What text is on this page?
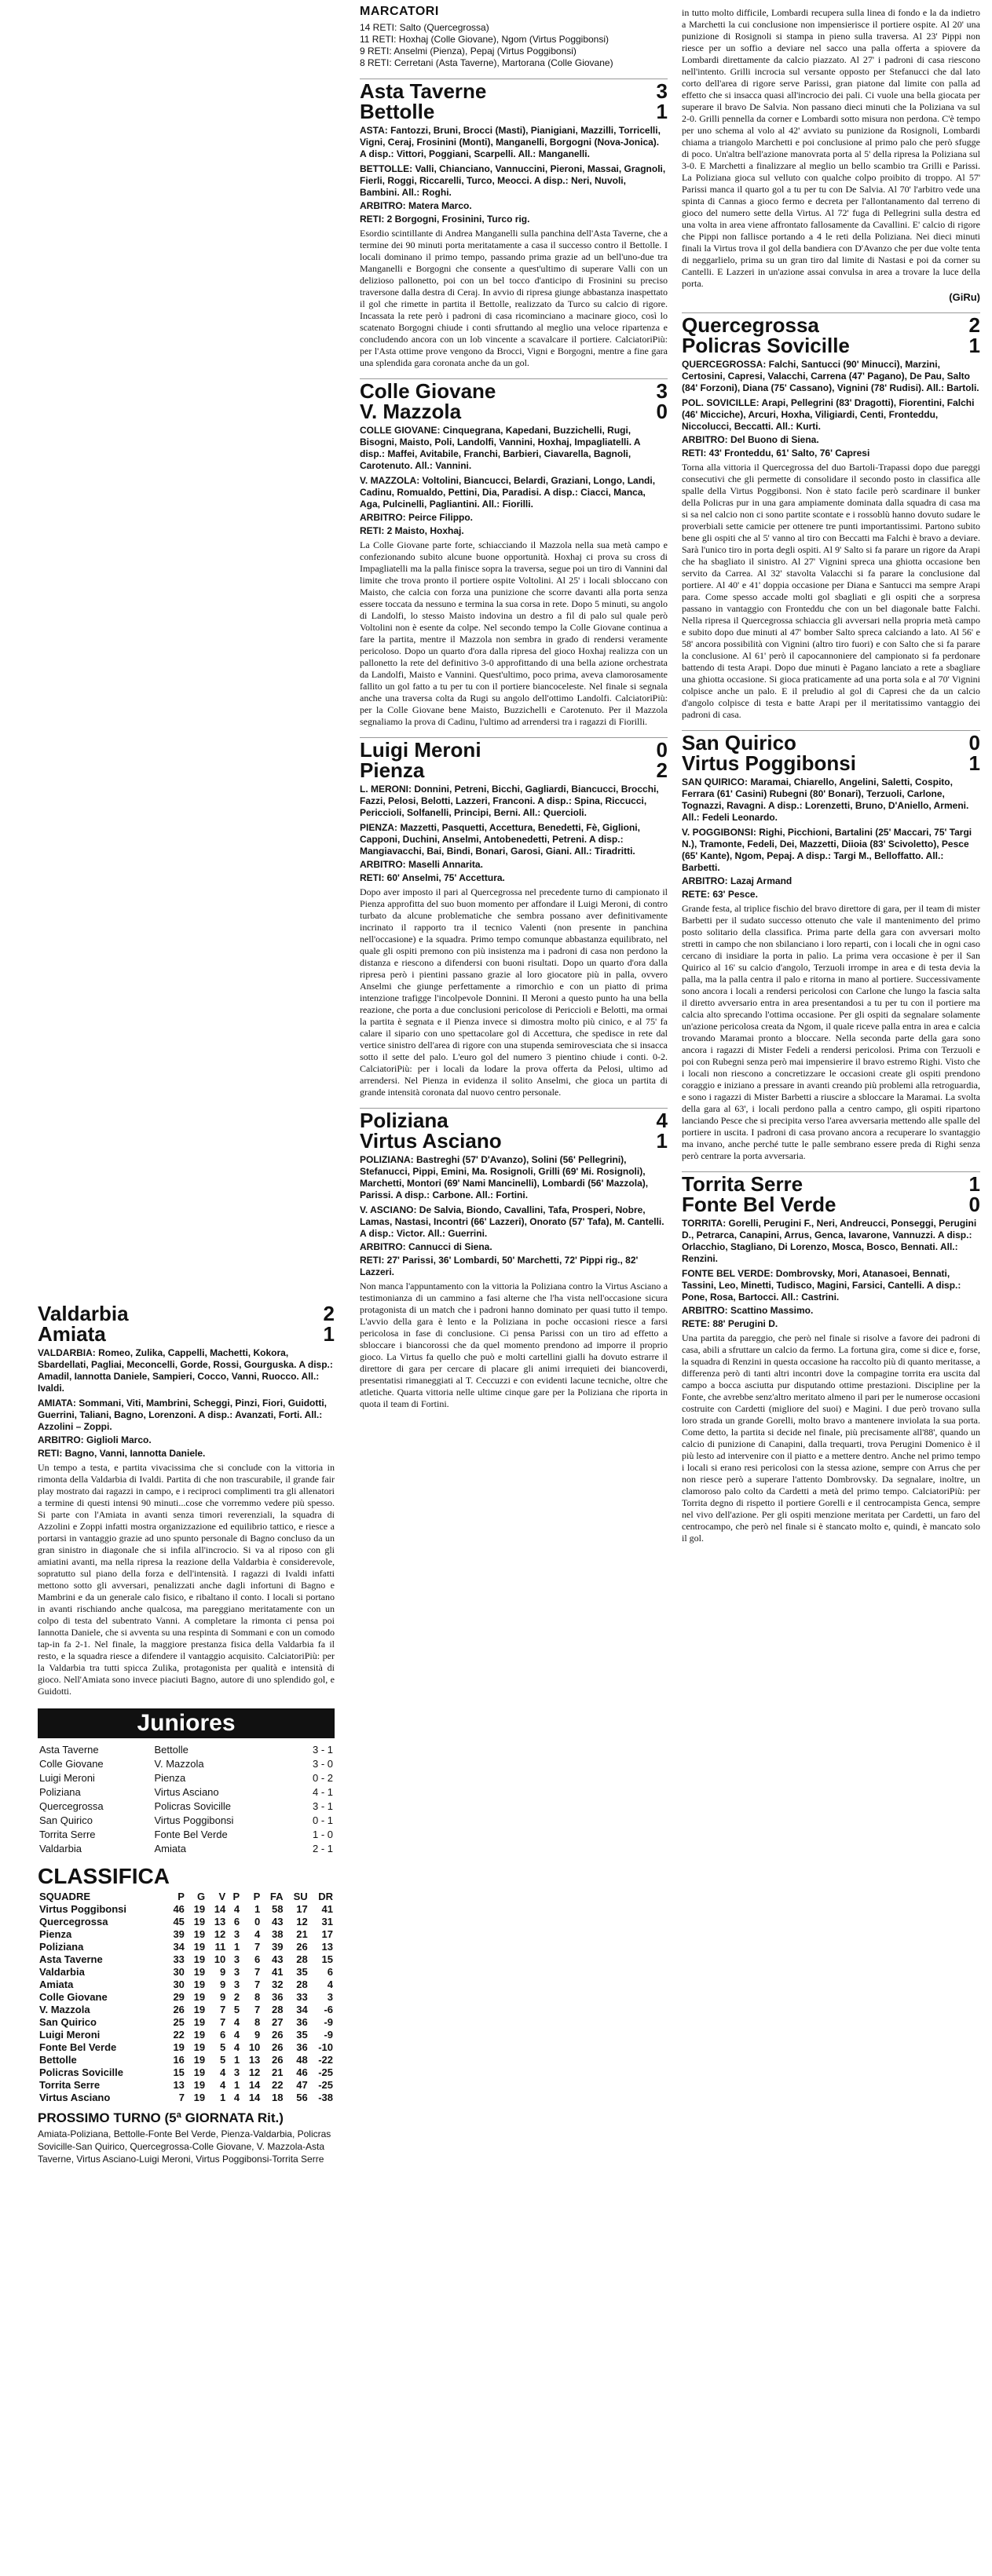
MARCATORI

14 RETI: Salto (Quercegrossa)

11 RETI: Hoxhaj (Colle Giovane), Ngom (Virtus Poggibonsi)

9 RETI: Anselmi (Pienza), Pepaj (Virtus Poggibonsi)

8 RETI: Cerretani (Asta Taverne), Martorana (Colle Giovane)

Asta Taverne	3
Bettolle	1

ASTA: Fantozzi, Bruni, Brocci (Masti), Pianigiani, Mazzilli, Torricelli, Vigni, Ceraj, Frosinini (Monti), Manganelli, Borgogni (Nova-Jonica). A disp.: Vittori, Poggiani, Scarpelli. All.: Manganelli.

BETTOLLE: Valli, Chianciano, Vannuccini, Pieroni, Massai, Gragnoli, Fierli, Roggi, Riccarelli, Turco, Meocci. A disp.: Neri, Nuvoli, Bambini. All.: Roghi.

ARBITRO: Matera Marco.

RETI: 2 Borgogni, Frosinini, Turco rig.

Esordio scintillante di Andrea Manganelli sulla panchina dell'Asta Taverne, che a termine dei 90 minuti porta meritatamente a casa il successo contro il Bettolle. I locali dominano il primo tempo, passando prima grazie ad un bell'uno-due tra Manganelli e Borgogni che consente a quest'ultimo di superare Valli con un delizioso pallonetto, poi con un bel tocco d'anticipo di Frosinini su preciso traversone dalla destra di Ceraj. In avvio di ripresa giunge abbastanza inaspettato il gol che rimette in partita il Bettolle, realizzato da Turco su calcio di rigore. Incassata la rete però i padroni di casa ricominciano a macinare gioco, così lo scatenato Borgogni chiude i conti sfruttando al meglio una veloce ripartenza e concludendo ancora con un lob vincente a scavalcare il portiere. CalciatoriPiù: per l'Asta ottime prove vengono da Brocci, Vigni e Borgogni, mentre a fine gara una splendida gara coronata anche da un gol.

Colle Giovane	3
V. Mazzola	0

COLLE GIOVANE: Cinquegrana, Kapedani, Buzzichelli, Rugi, Bisogni, Maisto, Poli, Landolfi, Vannini, Hoxhaj, Impagliatelli. A disp.: Maffei, Avitabile, Franchi, Barbieri, Ciavarella, Bagnoli, Carotenuto. All.: Vannini.

V. MAZZOLA: Voltolini, Biancucci, Belardi, Graziani, Longo, Landi, Cadinu, Romualdo, Pettini, Dia, Paradisi. A disp.: Ciacci, Manca, Aga, Pulcinelli, Pagliantini. All.: Fiorilli.

ARBITRO: Peirce Filippo.

RETI: 2 Maisto, Hoxhaj.

La Colle Giovane parte forte, schiacciando il Mazzola nella sua metà campo e confezionando subito alcune buone opportunità. Hoxhaj ci prova su cross di Impagliatelli ma la palla finisce sopra la traversa, segue poi un tiro di Vannini dal limite che trova pronto il portiere ospite Voltolini. Al 25' i locali sbloccano con Maisto, che calcia con forza una punizione che scorre davanti alla porta senza essere toccata da nessuno e termina la sua corsa in rete. Dopo 5 minuti, su angolo di Landolfi, lo stesso Maisto indovina un destro a fil di palo sul quale però Voltolini non è esente da colpe. Nel secondo tempo la Colle Giovane continua a fare la partita, mentre il Mazzola non sembra in grado di rendersi veramente pericoloso. Dopo un quarto d'ora dalla ripresa del gioco Hoxhaj realizza con un pallonetto la rete del definitivo 3-0 approfittando di una bella azione orchestrata da Landolfi, Maisto e Vannini. Quest'ultimo, poco prima, aveva clamorosamente fallito un gol fatto a tu per tu con il portiere biancoceleste. Nel finale si segnala anche una traversa colta da Rugi su angolo dell'ottimo Landolfi. CalciatoriPiù: per la Colle Giovane bene Maisto, Buzzichelli e Carotenuto. Per il Mazzola segnaliamo la prova di Cadinu, l'ultimo ad arrendersi tra i ragazzi di Fiorilli.

Luigi Meroni	0
Pienza	2

L. MERONI: Donnini, Petreni, Bicchi, Gagliardi, Biancucci, Brocchi, Fazzi, Pelosi, Belotti, Lazzeri, Franconi. A disp.: Spina, Riccucci, Periccioli, Solfanelli, Principi, Berni. All.: Quercioli.

PIENZA: Mazzetti, Pasquetti, Accettura, Benedetti, Fè, Giglioni, Capponi, Duchini, Anselmi, Antobenedetti, Petreni. A disp.: Mangiavacchi, Bai, Bindi, Bonari, Garosi, Giani. All.: Tiradritti.

ARBITRO: Maselli Annarita.

RETI: 60' Anselmi, 75' Accettura.

Dopo aver imposto il pari al Quercegrossa nel precedente turno di campionato il Pienza approfitta del suo buon momento per affondare il Luigi Meroni, di contro turbato da alcune problematiche che sembra possano aver definitivamente incrinato il rapporto tra il tecnico Valenti (non presente in panchina nell'occasione) e la squadra. Primo tempo comunque abbastanza equilibrato, nel quale gli ospiti premono con più insistenza ma i padroni di casa non perdono la distanza e riescono a difendersi con buoni risultati. Dopo un quarto d'ora dalla ripresa però i pientini passano grazie al loro giocatore più in palla, ovvero Anselmi che giunge perfettamente a rimorchio e con un piatto di prima intenzione trafigge l'incolpevole Donnini. Il Meroni a questo punto ha una bella reazione, che porta a due conclusioni pericolose di Periccioli e Belotti, ma ormai la partita è segnata e il Pienza invece si dimostra molto più cinico, e al 75' fa calare il sipario con uno spettacolare gol di Accettura, che spedisce in rete dal vertice sinistro dell'area di rigore con una stupenda semirovesciata che si insacca sotto il sette del palo. L'euro gol del numero 3 pientino chiude i conti. 0-2. CalciatoriPiù: per i locali da lodare la prova offerta da Pelosi, ultimo ad arrendersi. Nel Pienza in evidenza il solito Anselmi, che gioca un partita di grande intensità coronata dal nuovo centro personale.

Poliziana	4
Virtus Asciano	1

POLIZIANA: Bastreghi (57' D'Avanzo), Solini (56' Pellegrini), Stefanucci, Pippi, Emini, Ma. Rosignoli, Grilli (69' Mi. Rosignoli), Marchetti, Montori (69' Nami Mancinelli), Lombardi (56' Mazzola), Parissi. A disp.: Carbone. All.: Fortini.

V. ASCIANO: De Salvia, Biondo, Cavallini, Tafa, Prosperi, Nobre, Lamas, Nastasi, Incontri (66' Lazzeri), Onorato (57' Tafa), M. Cantelli. A disp.: Victor. All.: Guerrini.

ARBITRO: Cannucci di Siena.

RETI: 27' Parissi, 36' Lombardi, 50' Marchetti, 72' Pippi rig., 82' Lazzeri.

Non manca l'appuntamento con la vittoria la Poliziana contro la Virtus Asciano a testimonianza di un cammino a fasi alterne che l'ha vista nell'occasione sicura protagonista di un match che i padroni hanno dominato per quasi tutto il tempo. L'avvio della gara è lento e la Poliziana in poche occasioni riesce a farsi pericolosa in fase di conclusione. Ci pensa Parissi con un tiro ad effetto a sbloccare i biancorossi che da quel momento prendono ad imporre il proprio gioco. La Virtus fa quello che può e molti cartellini gialli ha dovuto estrarre il direttore di gara per cercare di placare gli animi irrequieti dei biancoverdi, presentatisi rimaneggiati al T. Ceccuzzi e con evidenti lacune tecniche, oltre che atletiche. Quarta vittoria nelle ultime cinque gare per la Poliziana che riporta in quota il team di Fortini.

in tutto molto difficile, Lombardi recupera sulla linea di fondo e la da indietro a Marchetti la cui conclusione non impensierisce il portiere ospite. Al 20' una punizione di Rosignoli si stampa in pieno sulla traversa. Al 23' Pippi non riesce per un soffio a deviare nel sacco una palla offerta a spiovere da Lombardi direttamente da calcio piazzato. Al 27' i padroni di casa riescono nell'intento. Grilli incrocia sul versante opposto per Stefanucci che dal lato corto dell'area di rigore serve Parissi, gran piatone dal limite con palla ad effetto che si insacca quasi all'incrocio dei pali. Ci vuole una bella giocata per superare il bravo De Salvia. Non passano dieci minuti che la Poliziana va sul 2-0. Grilli pennella da corner e Lombardi sotto misura non perdona. C'è tempo per uno schema al volo al 42' avviato su punizione da Rosignoli, Lombardi chiama a triangolo Marchetti e poi conclusione al primo palo che però sfugge di poco. Un'altra bell'azione manovrata porta al 5' della ripresa la Poliziana sul 3-0. E Marchetti a finalizzare al meglio un bello scambio tra Grilli e Parissi. La Poliziana gioca sul velluto con qualche colpo proibito di troppo. Al 57' Parissi manca il quarto gol a tu per tu con De Salvia. Al 70' l'arbitro vede una spinta di Cannas a gioco fermo e decreta per l'allontanamento dal terreno di gioco del numero sette della Virtus. Al 72' fuga di Pellegrini sulla destra ed una volta in area viene affrontato fallosamente da Cavallini. E' calcio di rigore che Pippi non fallisce portando a 4 le reti della Poliziana. Nei dieci minuti finali la Virtus trova il gol della bandiera con D'Avanzo che per due volte tenta di neggarlielo, prima su un gran tiro dal limite di Nastasi e poi da corner su Cantelli. E Lazzeri in un'azione assai convulsa in area a trovare la luce della porta.

(GiRu)

Quercegrossa	2
Policras Sovicille	1

QUERCEGROSSA: Falchi, Santucci (90' Minucci), Marzini, Certosini, Capresi, Valacchi, Carrena (47' Pagano), De Pau, Salto (84' Forzoni), Diana (75' Cassano), Vignini (78' Rudisi). All.: Bartoli.

POL. SOVICILLE: Arapi, Pellegrini (83' Dragotti), Fiorentini, Falchi (46' Micciche), Arcuri, Hoxha, Viligiardi, Centi, Fronteddu, Niccolucci, Beccatti. All.: Kurti.

ARBITRO: Del Buono di Siena.

RETI: 43' Fronteddu, 61' Salto, 76' Capresi

Torna alla vittoria il Quercegrossa del duo Bartoli-Trapassi dopo due pareggi consecutivi che gli permette di consolidare il secondo posto in classifica alle spalle della Virtus Poggibonsi. Non è stato facile però scardinare il bunker della Policras pur in una gara ampiamente dominata dalla squadra di casa ma si sa nel calcio non ci sono partite scontate e i rossoblù hanno dovuto sudare le proverbiali sette camicie per ottenere tre punti importantissimi. Partono subito bene gli ospiti che al 5' vanno al tiro con Beccatti ma Falchi è bravo a deviare. Sarà l'unico tiro in porta degli ospiti. Al 9' Salto si fa parare un rigore da Arapi che ha sbagliato il sinistro. Al 27' Vignini spreca una ghiotta occasione ben servito da Carrea. Al 32' stavolta Valacchi si fa parare la conclusione dal portiere. Al 40' e 41' doppia occasione per Diana e Santucci ma sempre Arapi para. Come spesso accade molti gol sbagliati e gli ospiti che a sorpresa passano in vantaggio con Fronteddu che con un bel diagonale batte Falchi. Nella ripresa il Quercegrossa schiaccia gli avversari nella propria metà campo e subito dopo due minuti al 47' bomber Salto spreca calciando a lato. Al 56' e 58' ancora possibilità con Vignini (altro tiro fuori) e con Salto che si fa parare la conclusione. Al 61' però il capocannoniere del campionato si fa perdonare battendo di testa Arapi. Dopo due minuti è Pagano lanciato a rete a sbagliare una ghiotta occasione. Si gioca praticamente ad una porta sola e al 70' Vignini colpisce anche un palo. E il preludio al gol di Capresi che da un calcio d'angolo colpisce di testa e batte Arapi per il meritatissimo vantaggio dei padroni di casa.

San Quirico	0
Virtus Poggibonsi	1

SAN QUIRICO: Maramai, Chiarello, Angelini, Saletti, Cospito, Ferrara (61' Casini) Rubegni (80' Bonari), Terzuoli, Carlone, Tognazzi, Ravagni. A disp.: Lorenzetti, Bruno, D'Aniello, Armeni. All.: Fedeli Leonardo.

V. POGGIBONSI: Righi, Picchioni, Bartalini (25' Maccari, 75' Targi N.), Tramonte, Fedeli, Dei, Mazzetti, Diioia (83' Scivoletto), Pesce (65' Kante), Ngom, Pepaj. A disp.: Targi M., Belloffatto. All.: Barbetti.

ARBITRO: Lazaj Armand

RETE: 63' Pesce.

Grande festa, al triplice fischio del bravo direttore di gara, per il team di mister Barbetti per il sudato successo ottenuto che vale il mantenimento del primo posto solitario della classifica. Prima parte della gara con avversari molto stretti in campo che non sbilanciano i loro reparti, con i locali che in ogni caso cercano di insidiare la porta in palio. La prima vera occasione è per il San Quirico al 16' su calcio d'angolo, Terzuoli irrompe in area e di testa devia la palla, ma la palla centra il palo e ritorna in mano al portiere. Successivamente sono ancora i locali a rendersi pericolosi con Carlone che lungo la fascia salta il diretto avversario entra in area presentandosi a tu per tu con il portiere ma calcia alto sprecando l'ottima occasione. Per gli ospiti da segnalare solamente un'azione pericolosa creata da Ngom, il quale riceve palla entra in area e calcia trovando Maramai pronto a bloccare. Nella seconda parte della gara sono ancora i ragazzi di Mister Fedeli a rendersi pericolosi. Prima con Terzuoli e poi con Rubegni senza però mai impensierire il bravo estremo Righi. Visto che i locali non riescono a concretizzare le occasioni create gli ospiti prendono coraggio e iniziano a pressare in avanti creando più problemi alla retroguardia, e sono i ragazzi di Mister Barbetti a riuscire a sbloccare la Maramai. La svolta della gara al 63', i locali perdono palla a centro campo, gli ospiti ripartono lanciando Pesce che si precipita verso l'area avversaria mettendo alle spalle del portiere in uscita. I padroni di casa provano ancora a recuperare lo svantaggio ma invano, anche perché tutte le palle sembrano essere preda di Righi senza però centrare la porta avversaria.

Torrita Serre	1
Fonte Bel Verde	0

TORRITA: Gorelli, Perugini F., Neri, Andreucci, Ponseggi, Perugini D., Petrarca, Canapini, Arrus, Genca, Iavarone, Vannuzzi. A disp.: Orlacchio, Stagliano, Di Lorenzo, Mosca, Bosco, Bennati. All.: Renzini.

FONTE BEL VERDE: Dombrovsky, Mori, Atanasoei, Bennati, Tassini, Leo, Minetti, Tudisco, Magini, Farsici, Cantelli. A disp.: Pone, Rosa, Bartocci. All.: Castrini.

ARBITRO: Scattino Massimo.

RETE: 88' Perugini D.

Una partita da pareggio, che però nel finale si risolve a favore dei padroni di casa, abili a sfruttare un calcio da fermo. La fortuna gira, come si dice e, forse, la squadra di Renzini in questa occasione ha raccolto più di quanto meritasse, a differenza però di tanti altri incontri dove la compagine torrita era uscita dal campo a bocca asciutta pur disputando ottime prestazioni. Discipline per la Fonte, che avrebbe senz'altro meritato almeno il pari per le numerose occasioni costruite con Cardetti (migliore del suoi) e Magini. I due però trovano sulla loro strada un grande Gorelli, molto bravo a mantenere inviolata la sua porta. Come detto, la partita si decide nel finale, più precisamente all'88', quando un calcio di punizione di Canapini, dalla trequarti, trova Perugini Domenico è il più lesto ad intervenire con il piatto e a mettere dentro. Anche nel primo tempo i locali si erano resi pericolosi con la stessa azione, sempre con Arrus che per non riesce però a superare l'attento Dombrovsky. Da segnalare, inoltre, un clamoroso palo colto da Cardetti a metà del primo tempo. CalciatoriPiù: per Torrita degno di rispetto il portiere Gorelli e il centrocampista Genca, sempre nel vivo dell'azione. Per gli ospiti menzione meritata per Cardetti, un faro del centrocampo, che però nel finale si è stancato molto e, quindi, è mancato solo il gol.

Valdarbia	2
Amiata	1

VALDARBIA: Romeo, Zulika, Cappelli, Machetti, Kokora, Sbardellati, Pagliai, Meconcelli, Gorde, Rossi, Gourguska. A disp.: Amadil, Iannotta Daniele, Sampieri, Cocco, Vanni, Ruocco. All.: Ivaldi.

AMIATA: Sommani, Viti, Mambrini, Scheggi, Pinzi, Fiori, Guidotti, Guerrini, Taliani, Bagno, Lorenzoni. A disp.: Avanzati, Forti. All.: Azzolini – Zoppi.

ARBITRO: Giglioli Marco.

RETI: Bagno, Vanni, Iannotta Daniele.

Un tempo a testa, e partita vivacissima che si conclude con la vittoria in rimonta della Valdarbia di Ivaldi. Partita di che non trascurabile, il grande fair play mostrato dai ragazzi in campo, e i reciproci complimenti tra gli allenatori a termine di questi intensi 90 minuti...cose che vorremmo vedere più spesso. Si parte con l'Amiata in avanti senza timori reverenziali, la squadra di Azzolini e Zoppi infatti mostra organizzazione ed equilibrio tattico, e riesce a portarsi in vantaggio grazie ad uno spunto personale di Bagno concluso da un gran sinistro in diagonale che si infila all'incrocio. Si va al riposo con gli amiatini avanti, ma nella ripresa la reazione della Valdarbia è considerevole, sopratutto sul piano della forza e dell'intensità. I ragazzi di Ivaldi infatti mettono sotto gli avversari, penalizzati anche dagli infortuni di Bagno e Mambrini e da un generale calo fisico, e ribaltano il conto. I locali si portano in avanti rischiando anche qualcosa, ma pareggiano meritatamente con un colpo di testa del subentrato Vanni. A completare la rimonta ci pensa poi Iannotta Daniele, che si avventa su una respinta di Sommani e con un comodo tap-in fa 2-1. Nel finale, la maggiore prestanza fisica della Valdarbia fa il resto, e la squadra riesce a difendere il vantaggio acquisito. CalciatoriPiù: per la Valdarbia tra tutti spicca Zulika, protagonista per qualità e intensità di gioco. Nell'Amiata sono invece piaciuti Bagno, autore di uno splendido gol, e Guidotti.

Juniores
Asta Taverne	Bettolle	3 - 1
Colle Giovane	V. Mazzola	3 - 0
Luigi Meroni	Pienza	0 - 2
Poliziana	Virtus Asciano	4 - 1
Quercegrossa	Policras Sovicille	3 - 1
San Quirico	Virtus Poggibonsi	0 - 1
Torrita Serre	Fonte Bel Verde	1 - 0
Valdarbia	Amiata	2 - 1
CLASSIFICA
SQUADRE	P	G	V	P	P	FA	SU	DR
Virtus Poggibonsi	46	19	14	4	1	58	17	41
Quercegrossa	45	19	13	6	0	43	12	31
Pienza	39	19	12	3	4	38	21	17
Poliziana	34	19	11	1	7	39	26	13
Asta Taverne	33	19	10	3	6	43	28	15
Valdarbia	30	19	9	3	7	41	35	6
Amiata	30	19	9	3	7	32	28	4
Colle Giovane	29	19	9	2	8	36	33	3
V. Mazzola	26	19	7	5	7	28	34	-6
San Quirico	25	19	7	4	8	27	36	-9
Luigi Meroni	22	19	6	4	9	26	35	-9
Fonte Bel Verde	19	19	5	4	10	26	36	-10
Bettolle	16	19	5	1	13	26	48	-22
Policras Sovicille	15	19	4	3	12	21	46	-25
Torrita Serre	13	19	4	1	14	22	47	-25
Virtus Asciano	7	19	1	4	14	18	56	-38
PROSSIMO TURNO (5ª GIORNATA Rit.)

Amiata-Poliziana, Bettolle-Fonte Bel Verde, Pienza-Valdarbia, Policras Sovicille-San Quirico, Quercegrossa-Colle Giovane, V. Mazzola-Asta Taverne, Virtus Asciano-Luigi Meroni, Virtus Poggibonsi-Torrita Serre
